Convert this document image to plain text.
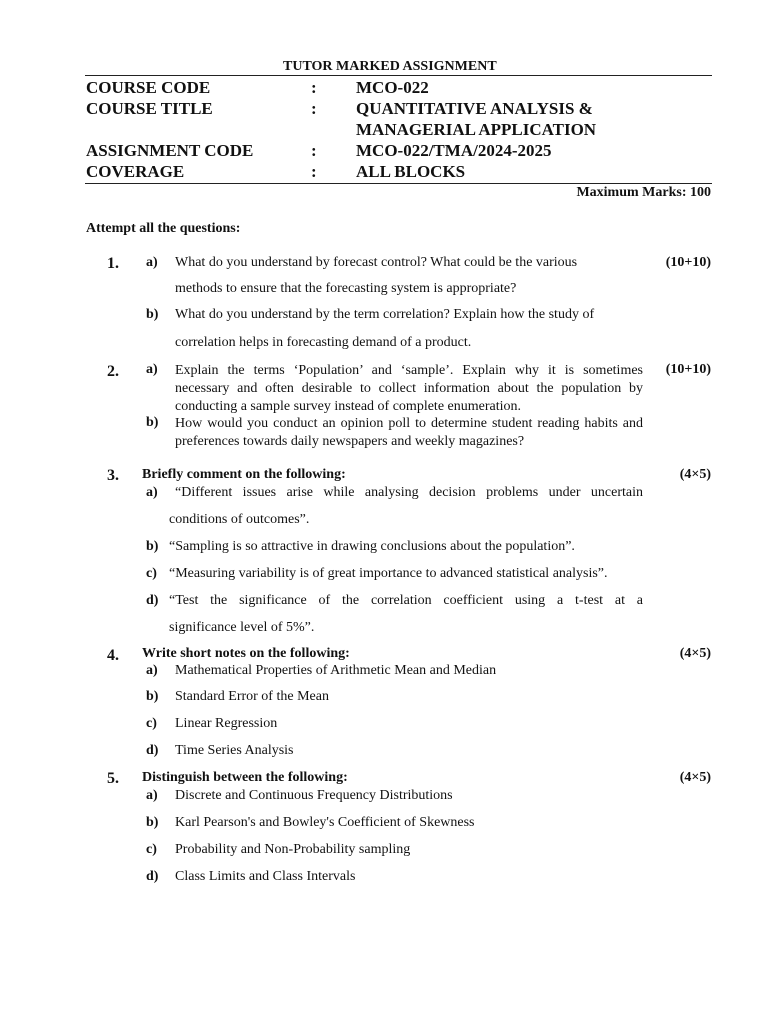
TUTOR MARKED ASSIGNMENT
COURSE CODE	: MCO-022
COURSE TITLE	: QUANTITATIVE ANALYSIS &
MANAGERIAL APPLICATION
ASSIGNMENT CODE	: MCO-022/TMA/2024-2025
COVERAGE	: ALL BLOCKS
Maximum Marks: 100
Attempt all the questions:
1.	(10+10)
a) What do you understand by forecast control? What could be the various
methods to ensure that the forecasting system is appropriate?
b) What do you understand by the term correlation? Explain how the study of
correlation helps in forecasting demand of a product.
2.	(10+10)
a) Explain the terms ‘Population’ and ‘sample’. Explain why it is sometimes necessary and often desirable to collect information about the population by conducting a sample survey instead of complete enumeration.
b) How would you conduct an opinion poll to determine student reading habits and preferences towards daily newspapers and weekly magazines?
3. Briefly comment on the following:	(4×5)
a) “Different issues arise while analysing decision problems under uncertain
conditions of outcomes”.
b) “Sampling is so attractive in drawing conclusions about the population”.
c) “Measuring variability is of great importance to advanced statistical analysis”.
d) “Test the significance of the correlation coefficient using a t-test at a
significance level of 5%”.
4. Write short notes on the following:	(4×5)
a) Mathematical Properties of Arithmetic Mean and Median
b) Standard Error of the Mean
c) Linear Regression
d) Time Series Analysis
5. Distinguish between the following:	(4×5)
a) Discrete and Continuous Frequency Distributions
b) Karl Pearson's and Bowley's Coefficient of Skewness
c) Probability and Non-Probability sampling
d) Class Limits and Class Intervals
